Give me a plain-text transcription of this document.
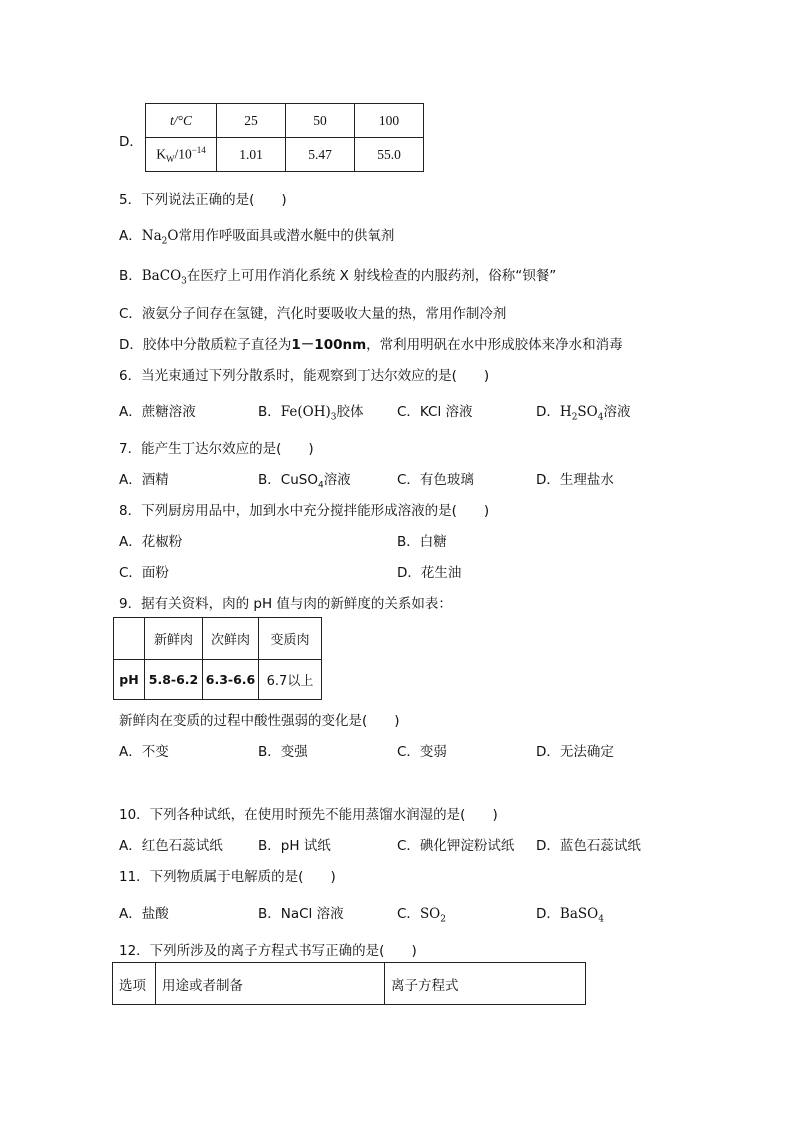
D．
t/°C	25	50	100
$K_W/10^{-14}$	1.01	5.47	55.0
5．下列说法正确的是(　　)
A．$Na_2O$常用作呼吸面具或潜水艇中的供氧剂
B．BaCO$_3$在医疗上可用作消化系统 X 射线检查的内服药剂，俗称“钡餐”
C．液氨分子间存在氢键，汽化时要吸收大量的热，常用作制冷剂
D．胶体中分散质粒子直径为1－100nm，常利用明矾在水中形成胶体来净水和消毒
6．当光束通过下列分散系时，能观察到丁达尔效应的是(　　)
A．蔗糖溶液	B．$Fe(OH)_3$胶体 C．KCl 溶液	D．$H_2SO_4$溶液
7．能产生丁达尔效应的是(　　)
A．酒精	B．CuSO$_4$溶液	C．有色玻璃	D．生理盐水
8．下列厨房用品中，加到水中充分搅拌能形成溶液的是(　　)
A．花椒粉	B．白糖
C．面粉	D．花生油
9．据有关资料，肉的 pH 值与肉的新鲜度的关系如表：
	新鲜肉	次鲜肉	变质肉
pH	5.8-6.2	6.3-6.6	6.7以上
新鲜肉在变质的过程中酸性强弱的变化是(　　)
A．不变	B．变强	C．变弱	D．无法确定
10．下列各种试纸，在使用时预先不能用蒸馏水润湿的是(　　)
A．红色石蕊试纸	B．pH 试纸	C．碘化钾淀粉试纸 D．蓝色石蕊试纸
11．下列物质属于电解质的是(　　)
A．盐酸	B．NaCl 溶液	C．$SO_2$	D．BaSO$_4$
12．下列所涉及的离子方程式书写正确的是(　　)
选项	用途或者制备	离子方程式
